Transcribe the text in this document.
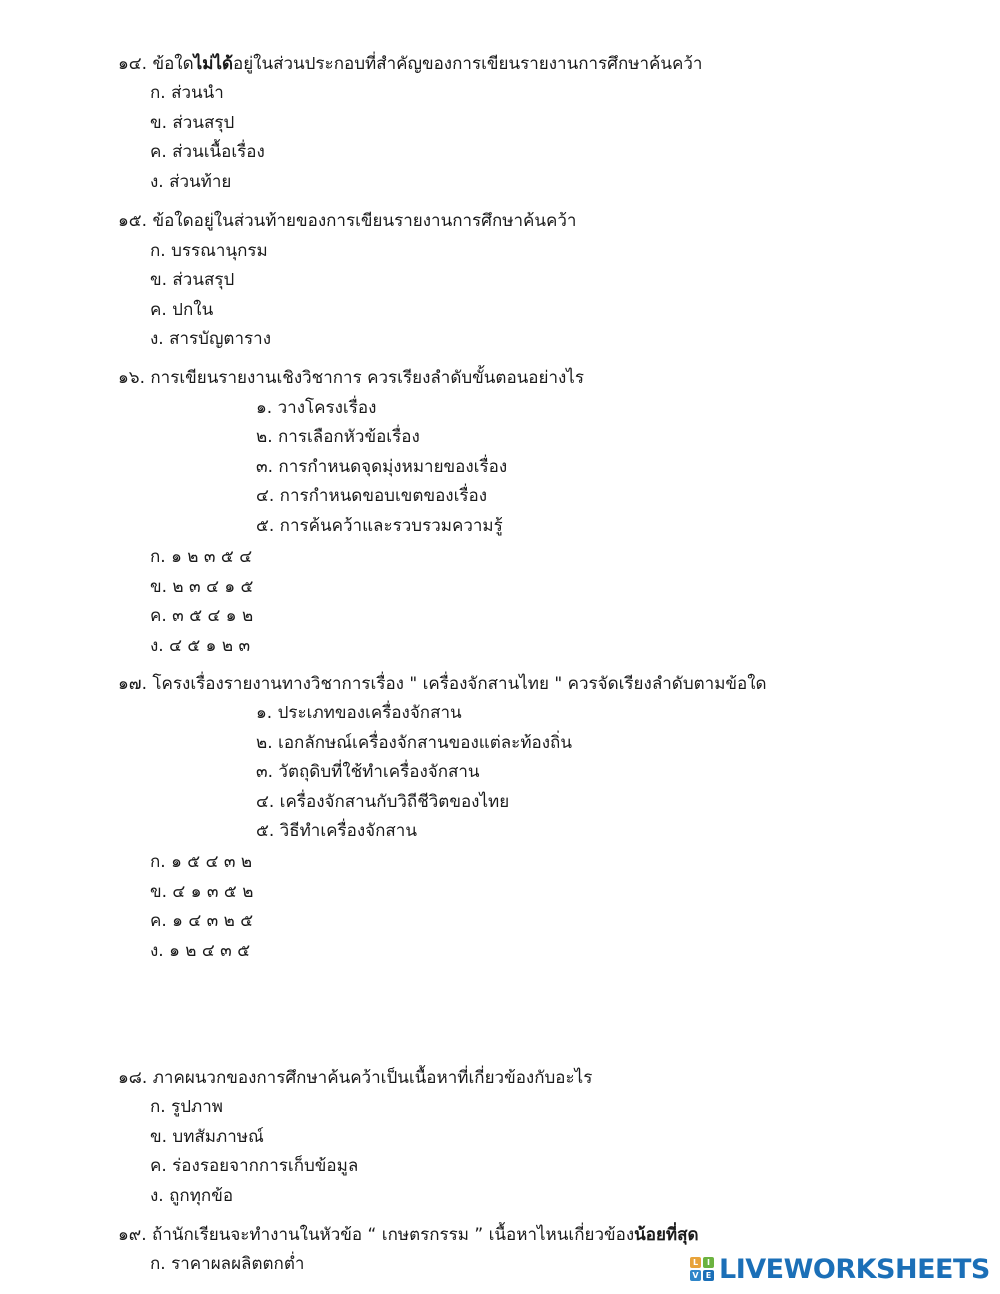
๑๔. ข้อใดไม่ได้อยู่ในส่วนประกอบที่สำคัญของการเขียนรายงานการศึกษาค้นคว้า
ก. ส่วนนำ
ข. ส่วนสรุป
ค. ส่วนเนื้อเรื่อง
ง. ส่วนท้าย
๑๕. ข้อใดอยู่ในส่วนท้ายของการเขียนรายงานการศึกษาค้นคว้า
ก. บรรณานุกรม
ข. ส่วนสรุป
ค. ปกใน
ง. สารบัญตาราง
๑๖. การเขียนรายงานเชิงวิชาการ ควรเรียงลำดับขั้นตอนอย่างไร
๑. วางโครงเรื่อง
๒. การเลือกหัวข้อเรื่อง
๓. การกำหนดจุดมุ่งหมายของเรื่อง
๔. การกำหนดขอบเขตของเรื่อง
๕. การค้นคว้าและรวบรวมความรู้
ก. ๑ ๒ ๓ ๕ ๔
ข. ๒ ๓ ๔ ๑ ๕
ค. ๓ ๕ ๔ ๑ ๒
ง. ๔ ๕ ๑ ๒ ๓
๑๗. โครงเรื่องรายงานทางวิชาการเรื่อง " เครื่องจักสานไทย " ควรจัดเรียงลำดับตามข้อใด
๑. ประเภทของเครื่องจักสาน
๒. เอกลักษณ์เครื่องจักสานของแต่ละท้องถิ่น
๓. วัตถุดิบที่ใช้ทำเครื่องจักสาน
๔. เครื่องจักสานกับวิถีชีวิตของไทย
๕. วิธีทำเครื่องจักสาน
ก. ๑ ๕ ๔ ๓ ๒
ข. ๔ ๑ ๓ ๕ ๒
ค. ๑ ๔ ๓ ๒ ๕
ง. ๑ ๒ ๔ ๓ ๕
๑๘. ภาคผนวกของการศึกษาค้นคว้าเป็นเนื้อหาที่เกี่ยวข้องกับอะไร
ก. รูปภาพ
ข. บทสัมภาษณ์
ค. ร่องรอยจากการเก็บข้อมูล
ง. ถูกทุกข้อ
๑๙. ถ้านักเรียนจะทำงานในหัวข้อ “ เกษตรกรรม ” เนื้อหาไหนเกี่ยวข้องน้อยที่สุด
ก. ราคาผลผลิตตกต่ำ	L	I
V E LIVEWORKSHEETS
